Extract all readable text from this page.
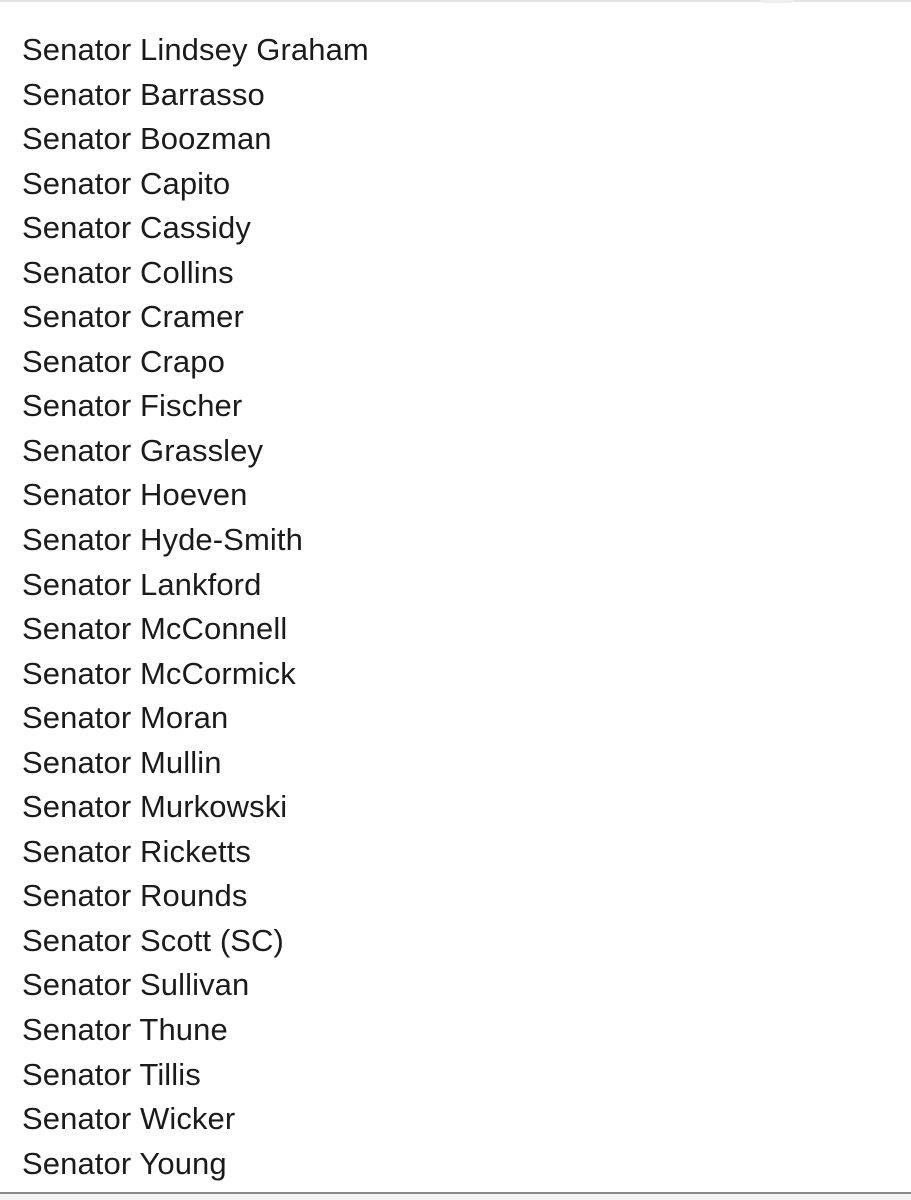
Senator Lindsey Graham
Senator Barrasso
Senator Boozman
Senator Capito
Senator Cassidy
Senator Collins
Senator Cramer
Senator Crapo
Senator Fischer
Senator Grassley
Senator Hoeven
Senator Hyde-Smith
Senator Lankford
Senator McConnell
Senator McCormick
Senator Moran
Senator Mullin
Senator Murkowski
Senator Ricketts
Senator Rounds
Senator Scott (SC)
Senator Sullivan
Senator Thune
Senator Tillis
Senator Wicker
Senator Young
